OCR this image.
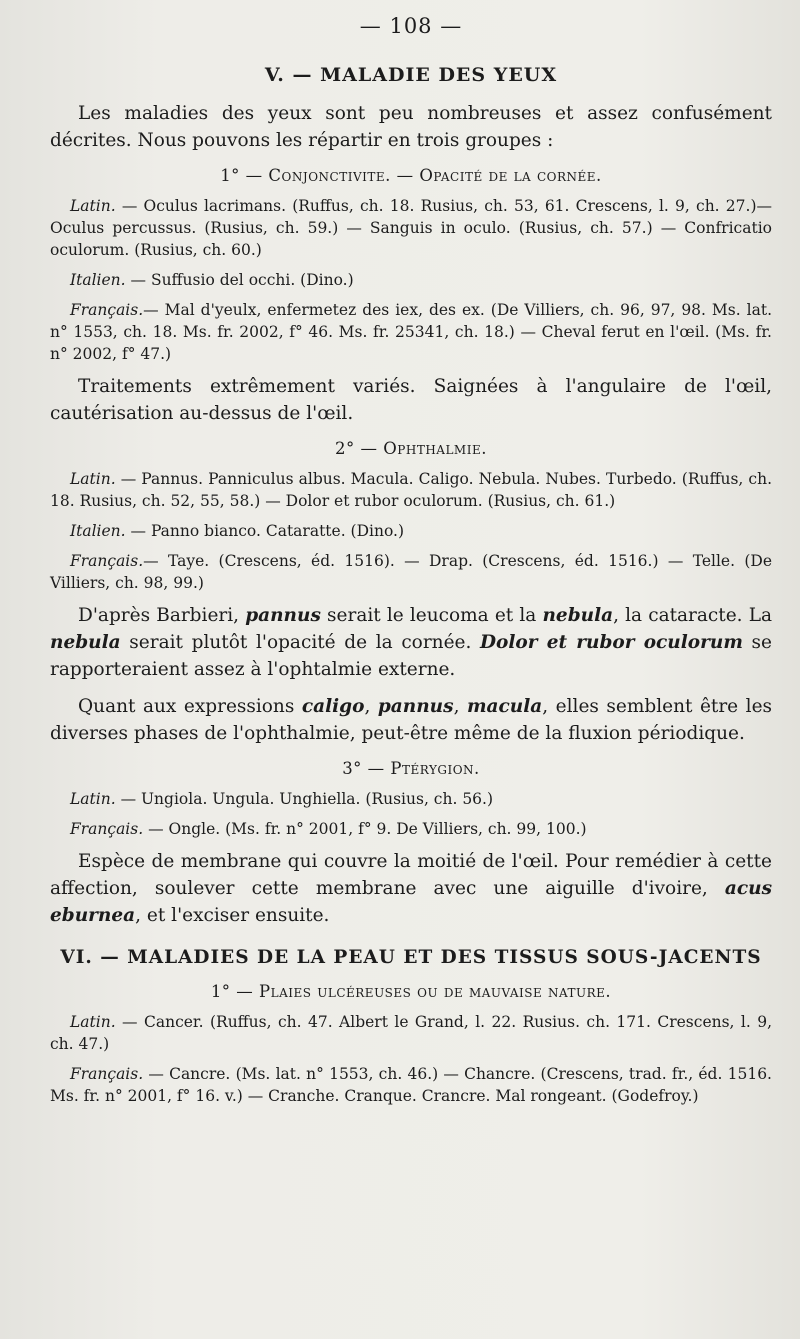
— 108 —
V. — MALADIE DES YEUX

Les maladies des yeux sont peu nombreuses et assez confusément décrites. Nous pouvons les répartir en trois groupes :

1° — Conjonctivite. — Opacité de la cornée.

Latin. — Oculus lacrimans. (Ruffus, ch. 18. Rusius, ch. 53, 61. Crescens, l. 9, ch. 27.)— Oculus percussus. (Rusius, ch. 59.) — Sanguis in oculo. (Rusius, ch. 57.) — Confricatio oculorum. (Rusius, ch. 60.)

Italien. — Suffusio del occhi. (Dino.)

Français.— Mal d'yeulx, enfermetez des iex, des ex. (De Villiers, ch. 96, 97, 98. Ms. lat. n° 1553, ch. 18. Ms. fr. 2002, f° 46. Ms. fr. 25341, ch. 18.) — Cheval ferut en l'œil. (Ms. fr. n° 2002, f° 47.)

Traitements extrêmement variés. Saignées à l'angulaire de l'œil, cautérisation au-dessus de l'œil.

2° — Ophthalmie.

Latin. — Pannus. Panniculus albus. Macula. Caligo. Nebula. Nubes. Turbedo. (Ruffus, ch. 18. Rusius, ch. 52, 55, 58.) — Dolor et rubor oculorum. (Rusius, ch. 61.)

Italien. — Panno bianco. Cataratte. (Dino.)

Français.— Taye. (Crescens, éd. 1516). — Drap. (Crescens, éd. 1516.) — Telle. (De Villiers, ch. 98, 99.)

D'après Barbieri, pannus serait le leucoma et la nebula, la cataracte. La nebula serait plutôt l'opacité de la cornée. Dolor et rubor oculorum se rapporteraient assez à l'ophtalmie externe.

Quant aux expressions caligo, pannus, macula, elles semblent être les diverses phases de l'ophthalmie, peut-être même de la fluxion périodique.

3° — Ptérygion.

Latin. — Ungiola. Ungula. Unghiella. (Rusius, ch. 56.)

Français. — Ongle. (Ms. fr. n° 2001, f° 9. De Villiers, ch. 99, 100.)

Espèce de membrane qui couvre la moitié de l'œil. Pour remédier à cette affection, soulever cette membrane avec une aiguille d'ivoire, acus eburnea, et l'exciser ensuite.

VI. — MALADIES DE LA PEAU ET DES TISSUS SOUS-JACENTS
1° — Plaies ulcéreuses ou de mauvaise nature.

Latin. — Cancer. (Ruffus, ch. 47. Albert le Grand, l. 22. Rusius. ch. 171. Crescens, l. 9, ch. 47.)

Français. — Cancre. (Ms. lat. n° 1553, ch. 46.) — Chancre. (Crescens, trad. fr., éd. 1516. Ms. fr. n° 2001, f° 16. v.) — Cranche. Cranque. Crancre. Mal rongeant. (Godefroy.)
